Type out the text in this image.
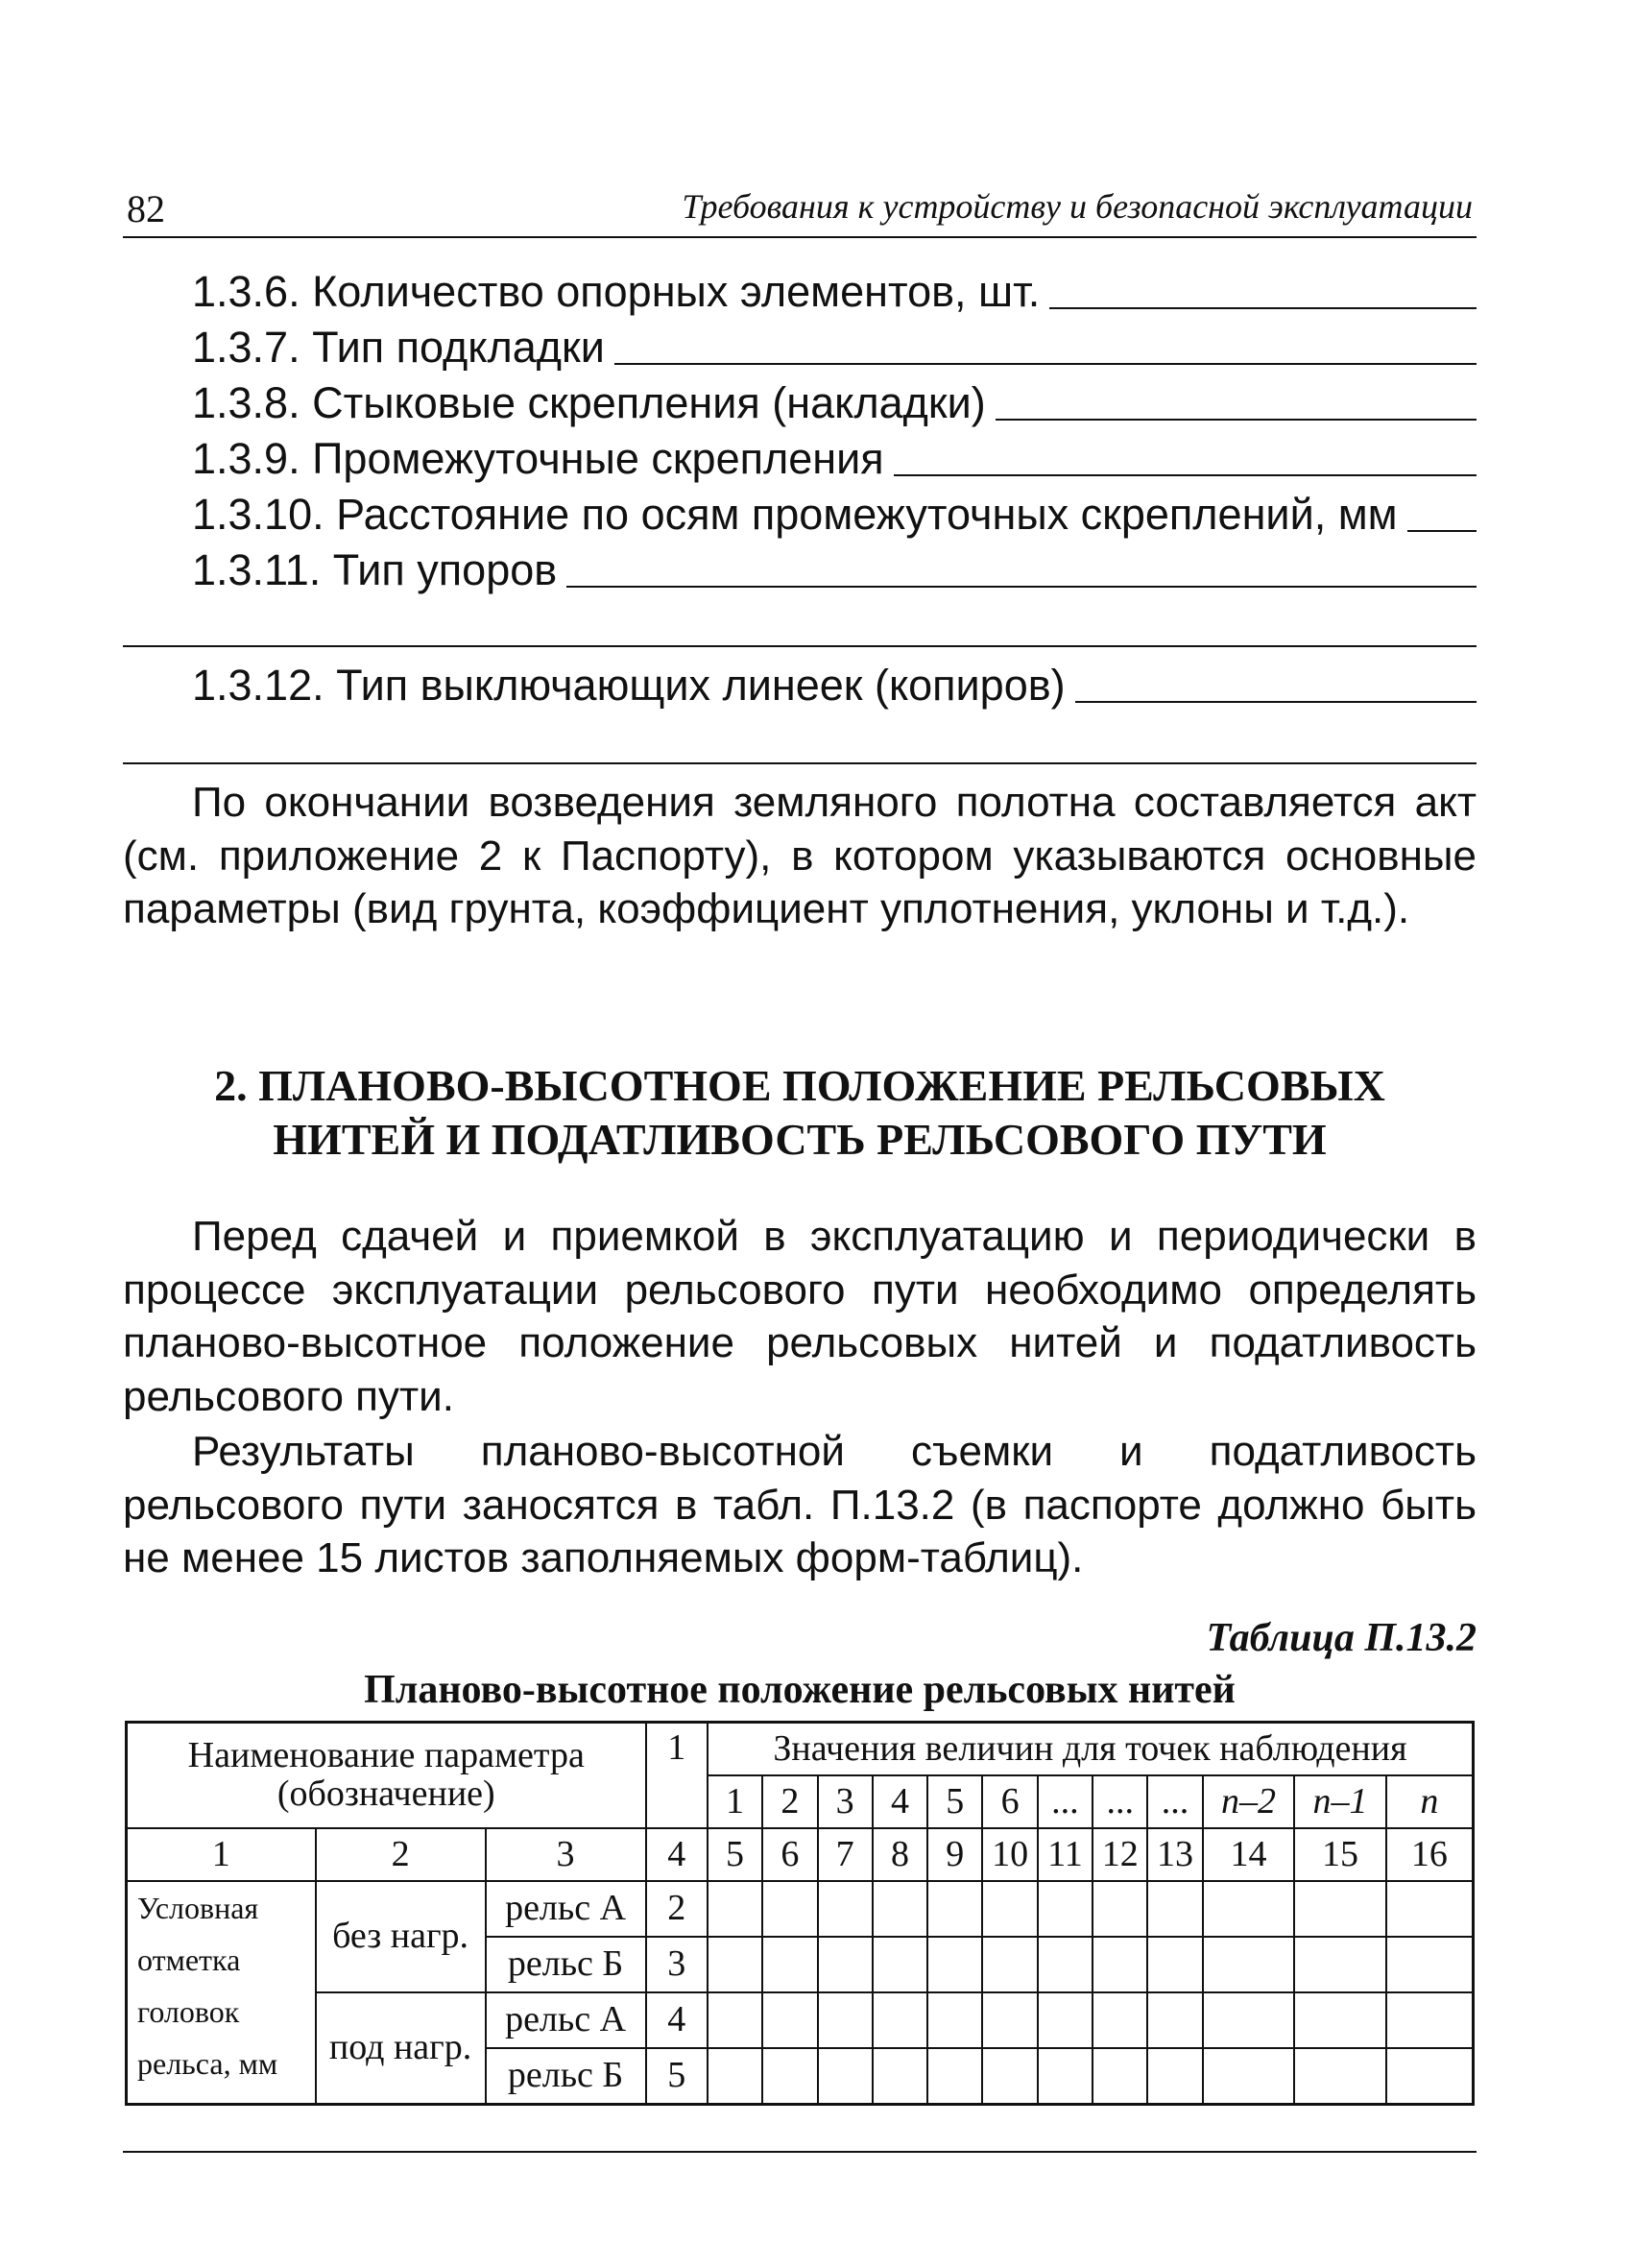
82	Требования к устройству и безопасной эксплуатации
1.3.6. Количество опорных элементов, шт.
1.3.7. Тип подкладки
1.3.8. Стыковые скрепления (накладки)
1.3.9. Промежуточные скрепления
1.3.10. Расстояние по осям промежуточных скреплений, мм
1.3.11. Тип упоров
1.3.12. Тип выключающих линеек (копиров)

По окончании возведения земляного полотна составляется акт (см. приложение 2 к Паспорту), в котором указываются основные параметры (вид грунта, коэффициент уплотнения, уклоны и т.д.).

2. ПЛАНОВО-ВЫСОТНОЕ ПОЛОЖЕНИЕ РЕЛЬСОВЫХ
НИТЕЙ И ПОДАТЛИВОСТЬ РЕЛЬСОВОГО ПУТИ

Перед сдачей и приемкой в эксплуатацию и периодически в процессе эксплуатации рельсового пути необходимо определять планово-высотное положение рельсовых нитей и податливость рельсового пути.

Результаты планово-высотной съемки и податливость рельсового пути заносятся в табл. П.13.2 (в паспорте должно быть не менее 15 листов заполняемых форм-таблиц).

Таблица П.13.2
Планово-высотное положение рельсовых нитей
Наименование параметра (обозначение)			1	Значения величин для точек наблюдения											
				1	2	3	4	5	6	...	...	...	n–2	n–1	n
1	2	3	4	5	6	7	8	9	10	11	12	13	14	15	16
Условная отметка головок рельса, мм	без нагр.	рельс А	2												
		рельс Б	3												
	под нагр.	рельс А	4												
		рельс Б	5												
